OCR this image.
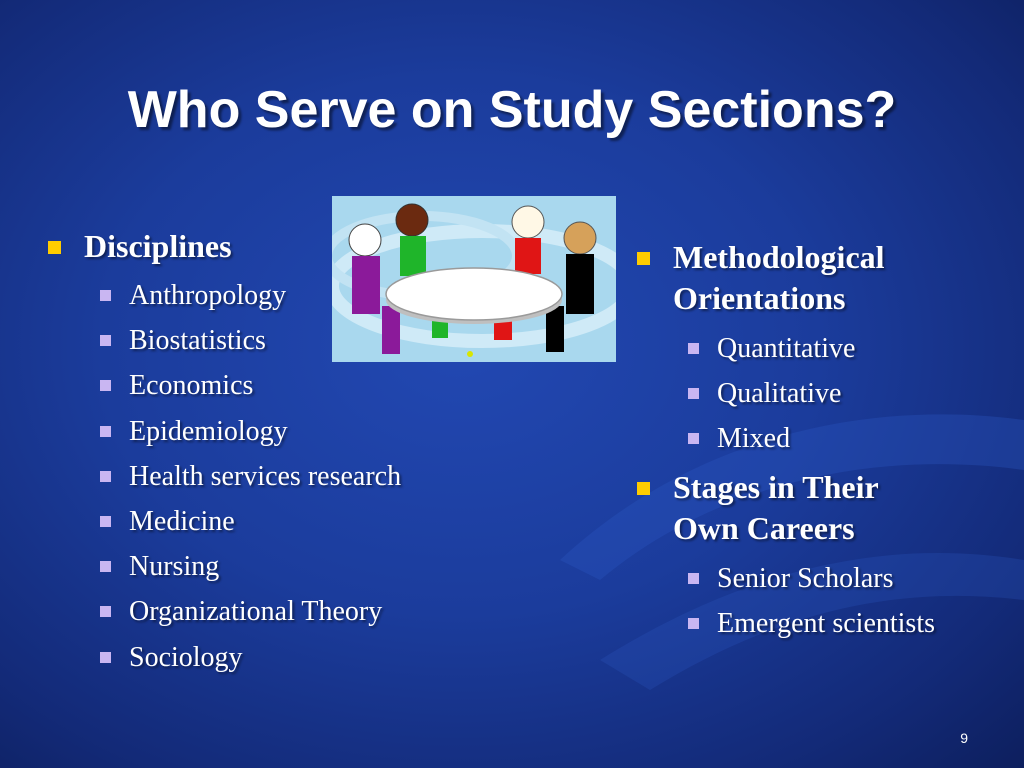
Who Serve on Study Sections?
Disciplines
Anthropology
Biostatistics
Economics
Epidemiology
Health services research
Medicine
Nursing
Organizational Theory
Sociology
Methodological
Orientations
Quantitative
Qualitative
Mixed
Stages in Their
Own Careers
Senior Scholars
Emergent scientists
9
